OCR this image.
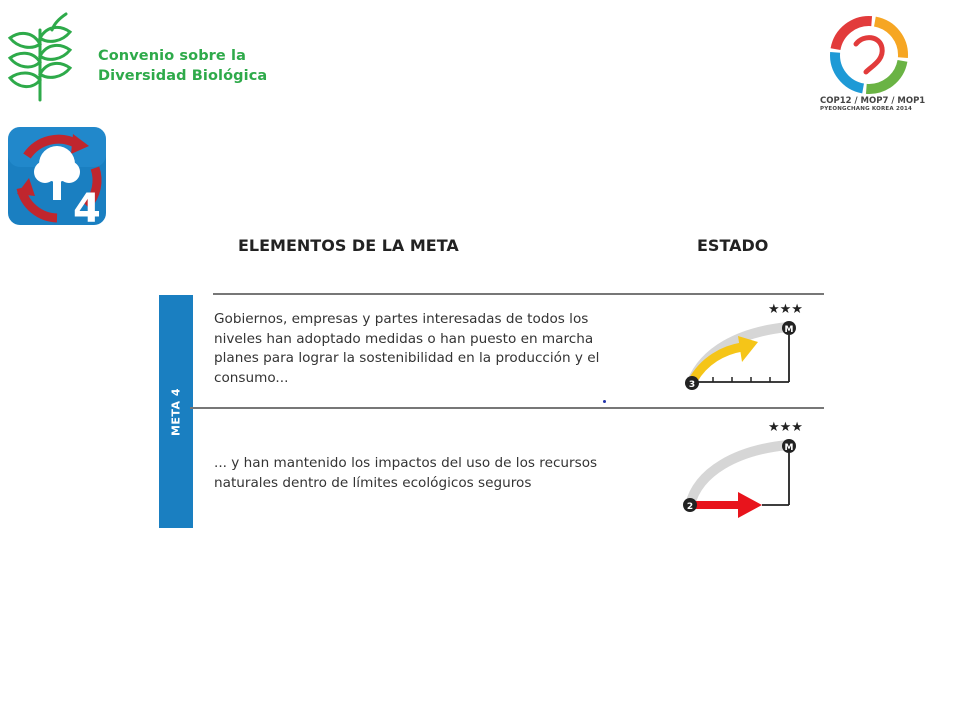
Convenio sobre la
Diversidad Biológica
COP12 / MOP7 / MOP1
PYEONGCHANG KOREA 2014
4
ELEMENTOS DE LA META	ESTADO
META 4
Gobiernos, empresas y partes interesadas de todos los
niveles han adoptado medidas o han puesto en marcha
planes para lograr la sostenibilidad en la producción y el
consumo...
... y han mantenido los impactos del uso de los recursos
naturales dentro de límites ecológicos seguros
★★★
M
3
★★★
M
2
